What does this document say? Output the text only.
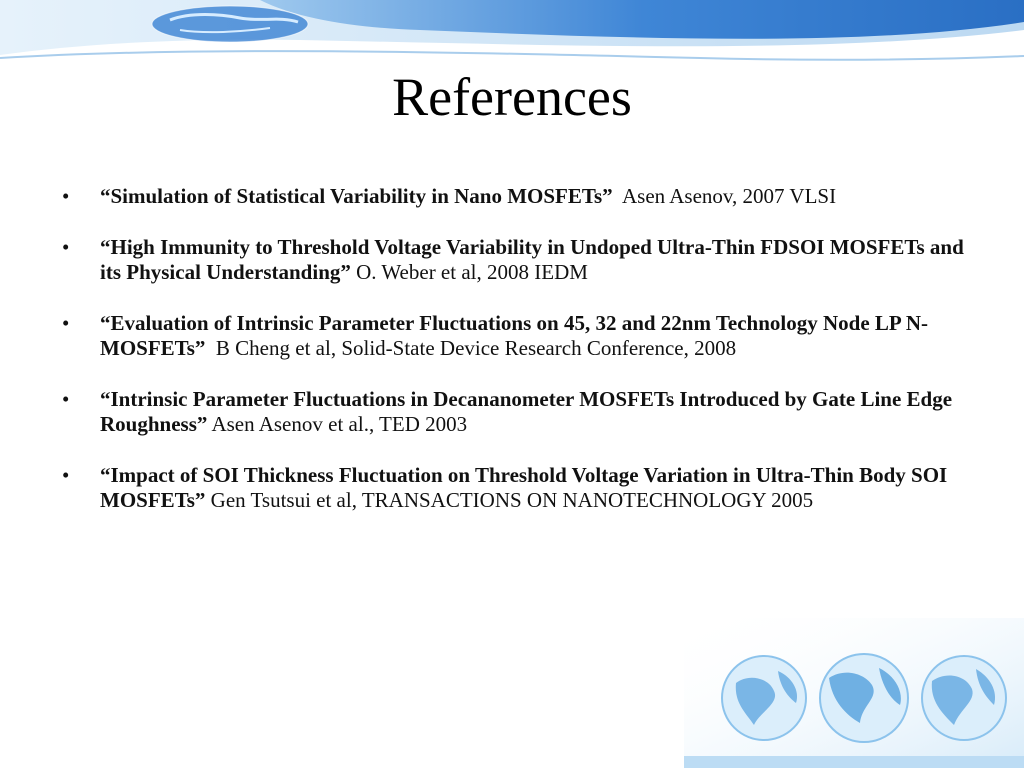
References
• “Simulation of Statistical Variability in Nano MOSFETs” Asen Asenov, 2007 VLSI
• “High Immunity to Threshold Voltage Variability in Undoped Ultra-Thin FDSOI MOSFETs and its Physical Understanding” O. Weber et al, 2008 IEDM
• “Evaluation of Intrinsic Parameter Fluctuations on 45, 32 and 22nm Technology Node LP N-MOSFETs” B Cheng et al, Solid-State Device Research Conference, 2008
• “Intrinsic Parameter Fluctuations in Decananometer MOSFETs Introduced by Gate Line Edge Roughness” Asen Asenov et al., TED 2003
• “Impact of SOI Thickness Fluctuation on Threshold Voltage Variation in Ultra-Thin Body SOI MOSFETs” Gen Tsutsui et al, TRANSACTIONS ON NANOTECHNOLOGY 2005
